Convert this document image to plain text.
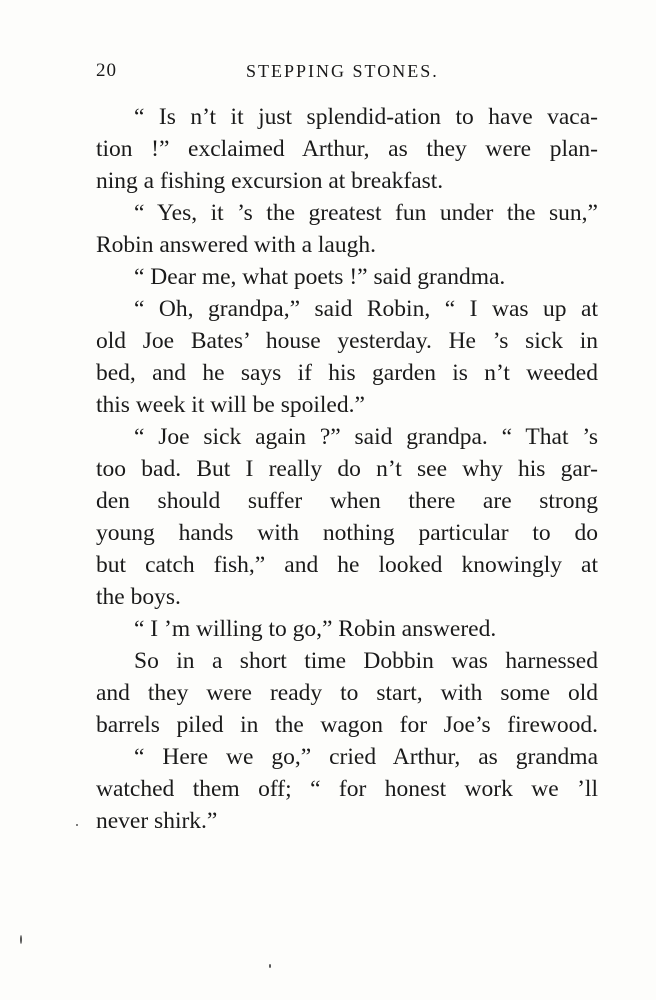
20	STEPPING STONES.
“ Is n’t it just splendid-ation to have vaca-
tion !” exclaimed Arthur, as they were plan-
ning a fishing excursion at breakfast.
“ Yes, it ’s the greatest fun under the sun,”
Robin answered with a laugh.
“ Dear me, what poets !” said grandma.
“ Oh, grandpa,” said Robin, “ I was up at
old Joe Bates’ house yesterday. He ’s sick in
bed, and he says if his garden is n’t weeded
this week it will be spoiled.”
“ Joe sick again ?” said grandpa. “ That ’s
too bad. But I really do n’t see why his gar-
den should suffer when there are strong
young hands with nothing particular to do
but catch fish,” and he looked knowingly at
the boys.
“ I ’m willing to go,” Robin answered.
So in a short time Dobbin was harnessed
and they were ready to start, with some old
barrels piled in the wagon for Joe’s firewood.
“ Here we go,” cried Arthur, as grandma
watched them off; “ for honest work we ’ll
never shirk.”
